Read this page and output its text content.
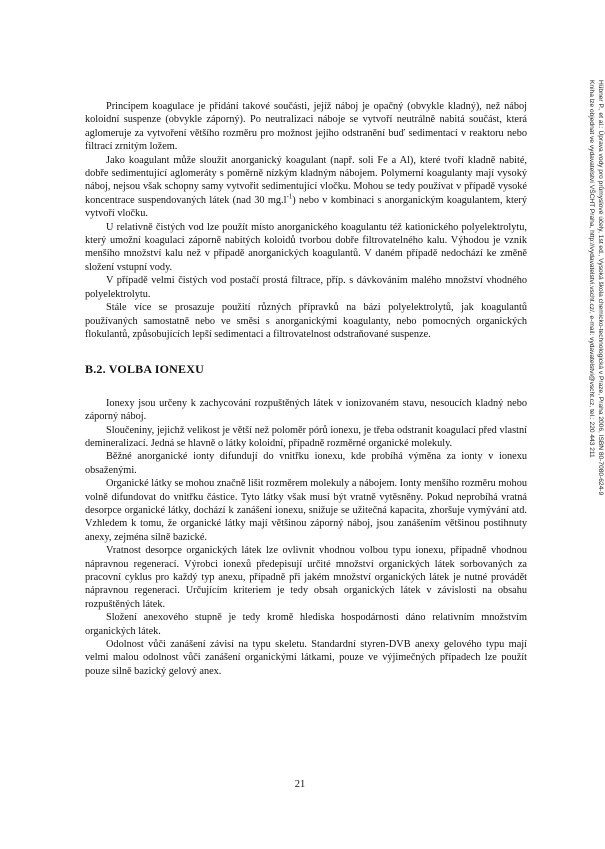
Principem koagulace je přidání takové součásti, jejíž náboj je opačný (obvykle kladný), než náboj koloidní suspenze (obvykle záporný). Po neutralizaci náboje se vytvoří neutrálně nabitá součást, která aglomeruje za vytvoření většího rozměru pro možnost jejího odstranění buď sedimentací v reaktoru nebo filtrací zrnitým ložem.

Jako koagulant může sloužit anorganický koagulant (např. soli Fe a Al), které tvoří kladně nabité, dobře sedimentující aglomeráty s poměrně nízkým kladným nábojem. Polymerní koagulanty mají vysoký náboj, nejsou však schopny samy vytvořit sedimentující vločku. Mohou se tedy používat v případě vysoké koncentrace suspendovaných látek (nad 30 $mg.l^{-1}$) nebo v kombinaci s anorganickým koagulantem, který vytvoří vločku.

U relativně čistých vod lze použít místo anorganického koagulantu též kationického polyelektrolytu, který umožní koagulaci záporně nabitých koloidů tvorbou dobře filtrovatelného kalu. Výhodou je vznik menšího množství kalu než v případě anorganických koagulantů. V daném případě nedochází ke změně složení vstupní vody.

V případě velmi čistých vod postačí prostá filtrace, příp. s dávkováním malého množství vhodného polyelektrolytu.

Stále více se prosazuje použití různých přípravků na bázi polyelektrolytů, jak koagulantů používaných samostatně nebo ve směsi s anorganickými koagulanty, nebo pomocných organických flokulantů, způsobujících lepší sedimentaci a filtrovatelnost odstraňované suspenze.

B.2. VOLBA IONEXU

Ionexy jsou určeny k zachycování rozpuštěných látek v ionizovaném stavu, nesoucích kladný nebo záporný náboj.

Sloučeniny, jejichž velikost je větší než poloměr pórů ionexu, je třeba odstranit koagulací před vlastní demineralizací. Jedná se hlavně o látky koloidní, případně rozměrné organické molekuly.

Běžné anorganické ionty difundují do vnitřku ionexu, kde probíhá výměna za ionty v ionexu obsaženými.

Organické látky se mohou značně lišit rozměrem molekuly a nábojem. Ionty menšího rozměru mohou volně difundovat do vnitřku částice. Tyto látky však musí být vratně vytěsněny. Pokud neprobíhá vratná desorpce organické látky, dochází k zanášení ionexu, snižuje se užitečná kapacita, zhoršuje vymývání atd. Vzhledem k tomu, že organické látky mají většinou záporný náboj, jsou zanášením většinou postihnuty anexy, zejména silně bazické.

Vratnost desorpce organických látek lze ovlivnit vhodnou volbou typu ionexu, případně vhodnou nápravnou regenerací. Výrobci ionexů předepisují určité množství organických látek sorbovaných za pracovní cyklus pro každý typ anexu, případně při jakém množství organických látek je nutné provádět nápravnou regeneraci. Určujícím kriteriem je tedy obsah organických látek v závislosti na obsahu rozpuštěných látek.

Složení anexového stupně je tedy kromě hlediska hospodárnosti dáno relativním množstvím organických látek.

Odolnost vůči zanášení závisí na typu skeletu. Standardní styren-DVB anexy gelového typu mají velmi malou odolnost vůči zanášení organickými látkami, pouze ve výjimečných případech lze použít pouze silně bazický gelový anex.

Hübner P., et al.: Úprava vody pro průmyslové účely, 1st ed., Vysoká škola chemicko-technologická v Praze, Praha 2006, ISBN 80-7080-624-9
Kniha lze objednat ve vydavatelství VŠCHT Praha, http://vydavatelstvi.vscht.cz/, e-mail: vydavatelstvi@vscht.cz, tel.: 220 443 211
21
